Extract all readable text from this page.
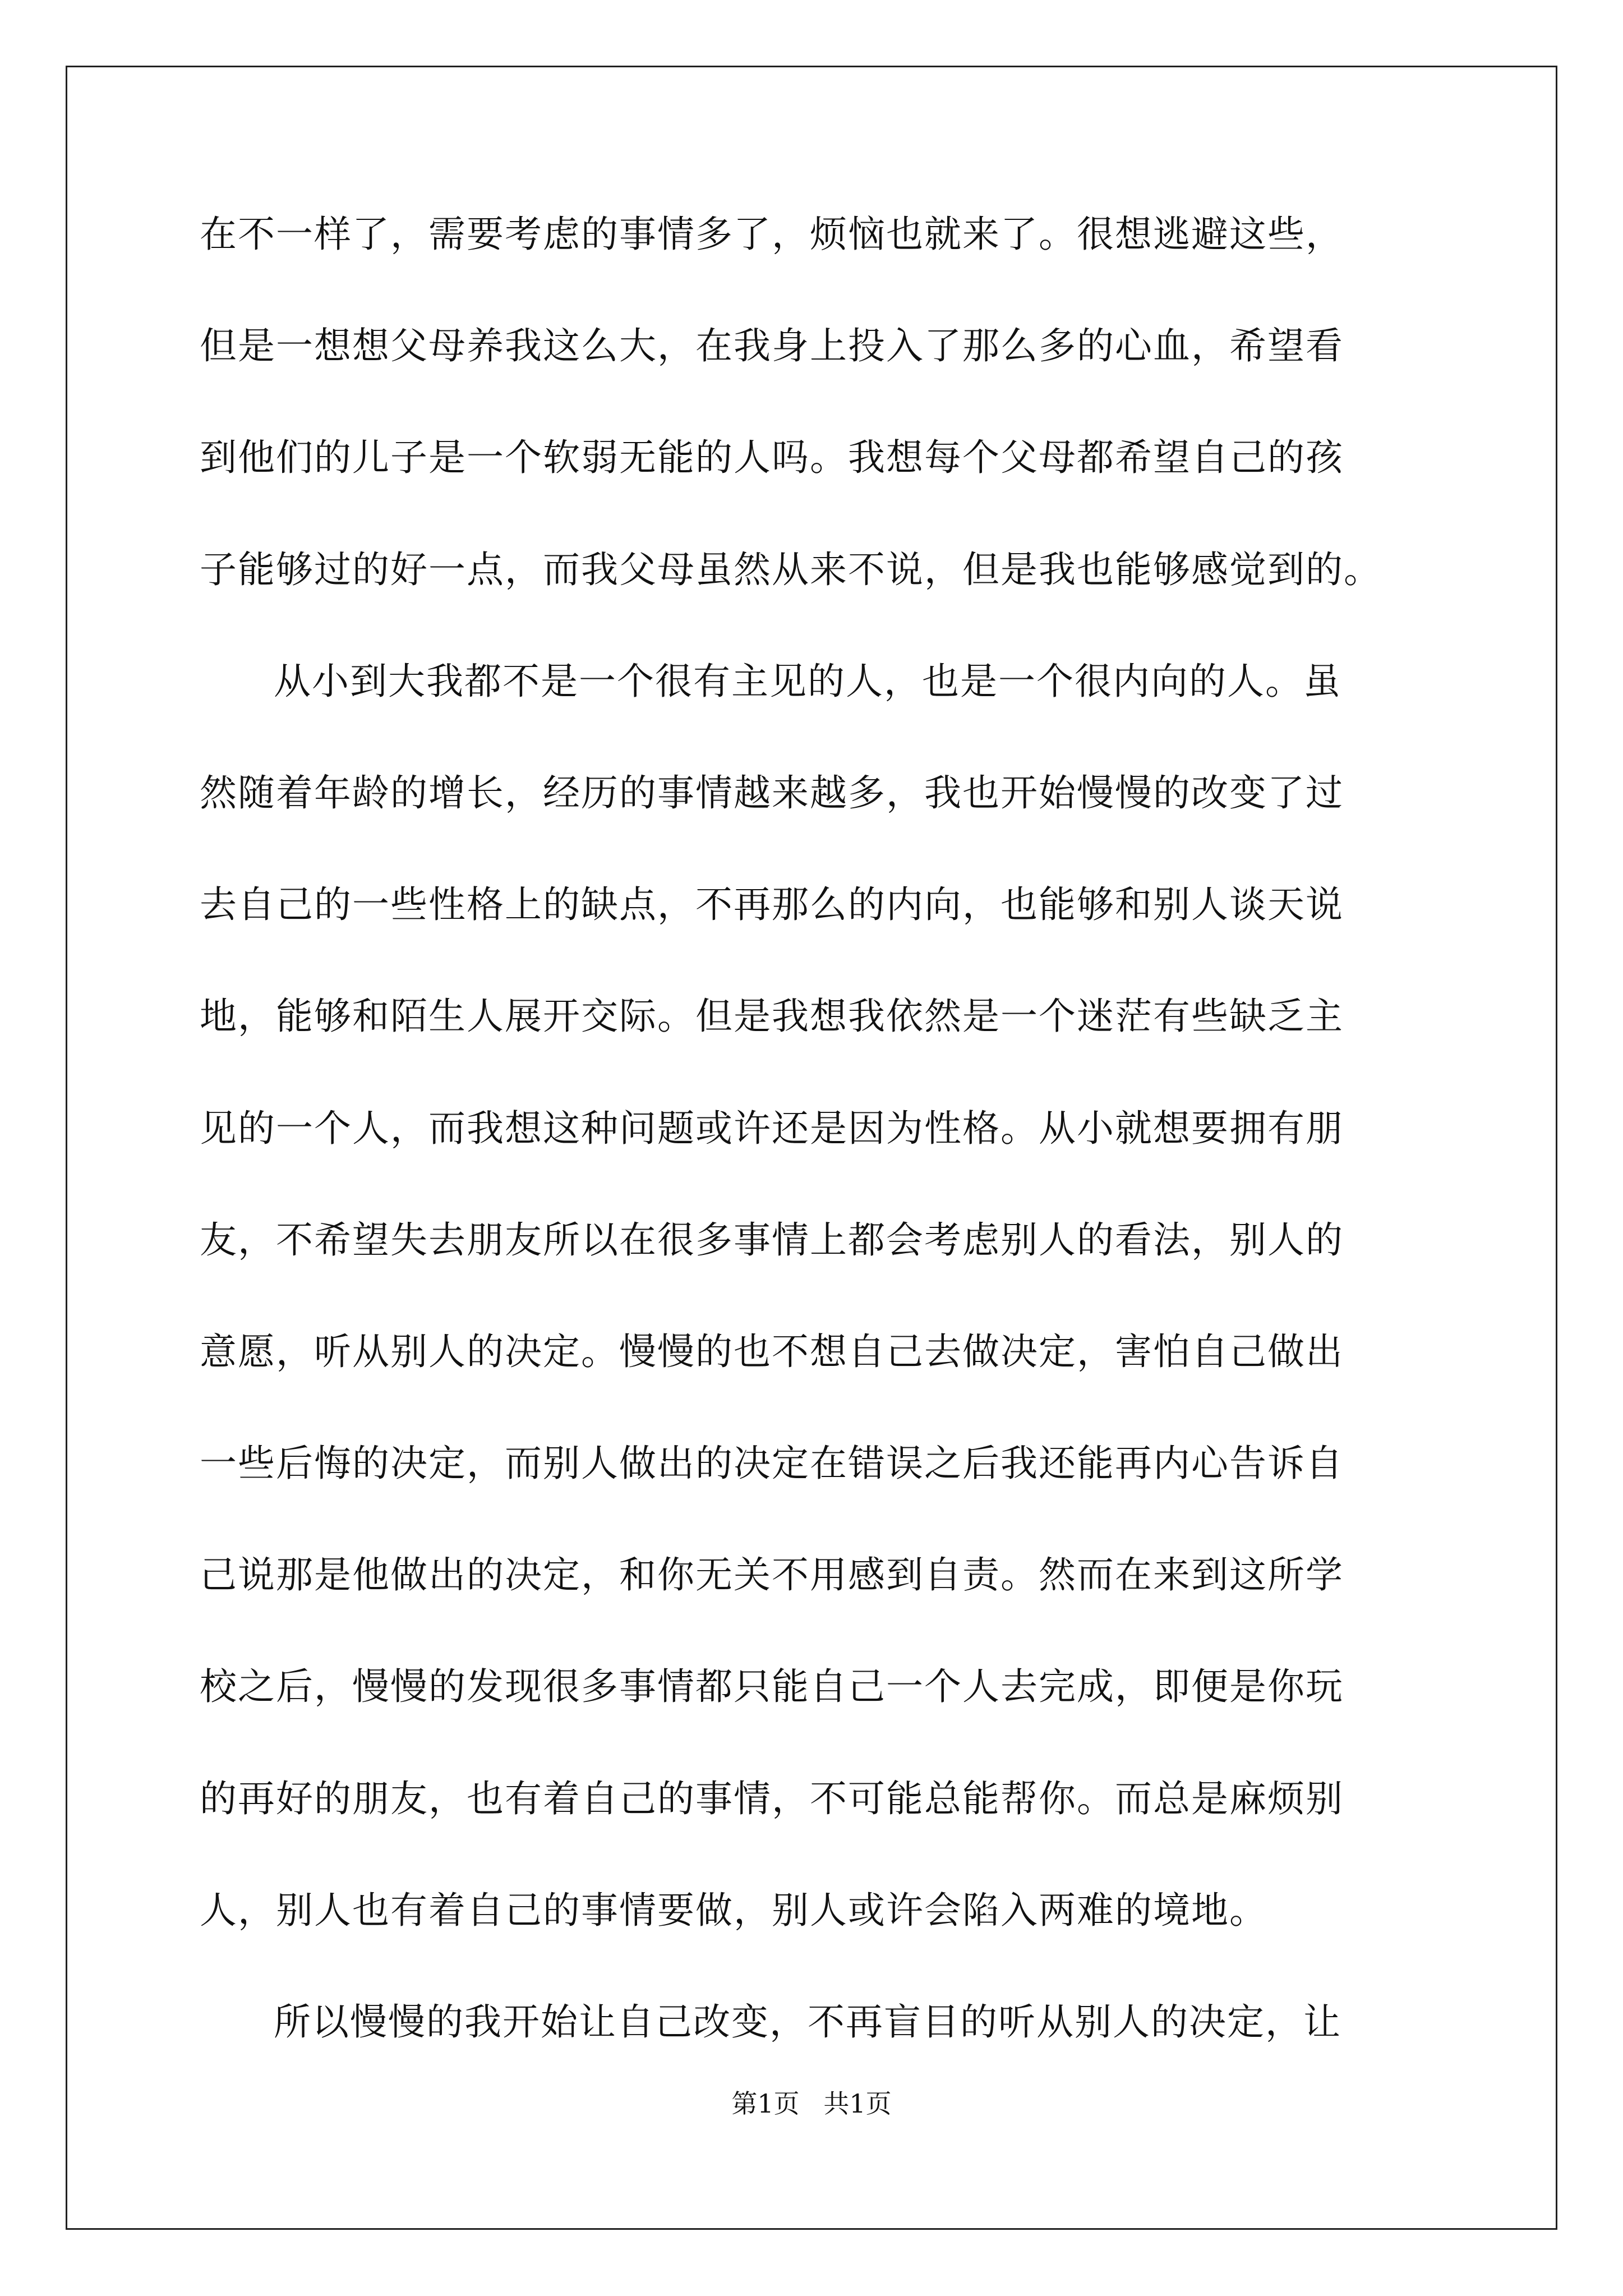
在不一样了，需要考虑的事情多了，烦恼也就来了。很想逃避这些，
但是一想想父母养我这么大，在我身上投入了那么多的心血，希望看
到他们的儿子是一个软弱无能的人吗。我想每个父母都希望自己的孩
子能够过的好一点，而我父母虽然从来不说，但是我也能够感觉到的。
从小到大我都不是一个很有主见的人，也是一个很内向的人。虽
然随着年龄的增长，经历的事情越来越多，我也开始慢慢的改变了过
去自己的一些性格上的缺点，不再那么的内向，也能够和别人谈天说
地，能够和陌生人展开交际。但是我想我依然是一个迷茫有些缺乏主
见的一个人，而我想这种问题或许还是因为性格。从小就想要拥有朋
友，不希望失去朋友所以在很多事情上都会考虑别人的看法，别人的
意愿，听从别人的决定。慢慢的也不想自己去做决定，害怕自己做出
一些后悔的决定，而别人做出的决定在错误之后我还能再内心告诉自
己说那是他做出的决定，和你无关不用感到自责。然而在来到这所学
校之后，慢慢的发现很多事情都只能自己一个人去完成，即便是你玩
的再好的朋友，也有着自己的事情，不可能总能帮你。而总是麻烦别
人，别人也有着自己的事情要做，别人或许会陷入两难的境地。
所以慢慢的我开始让自己改变，不再盲目的听从别人的决定，让
第1页 共1页
